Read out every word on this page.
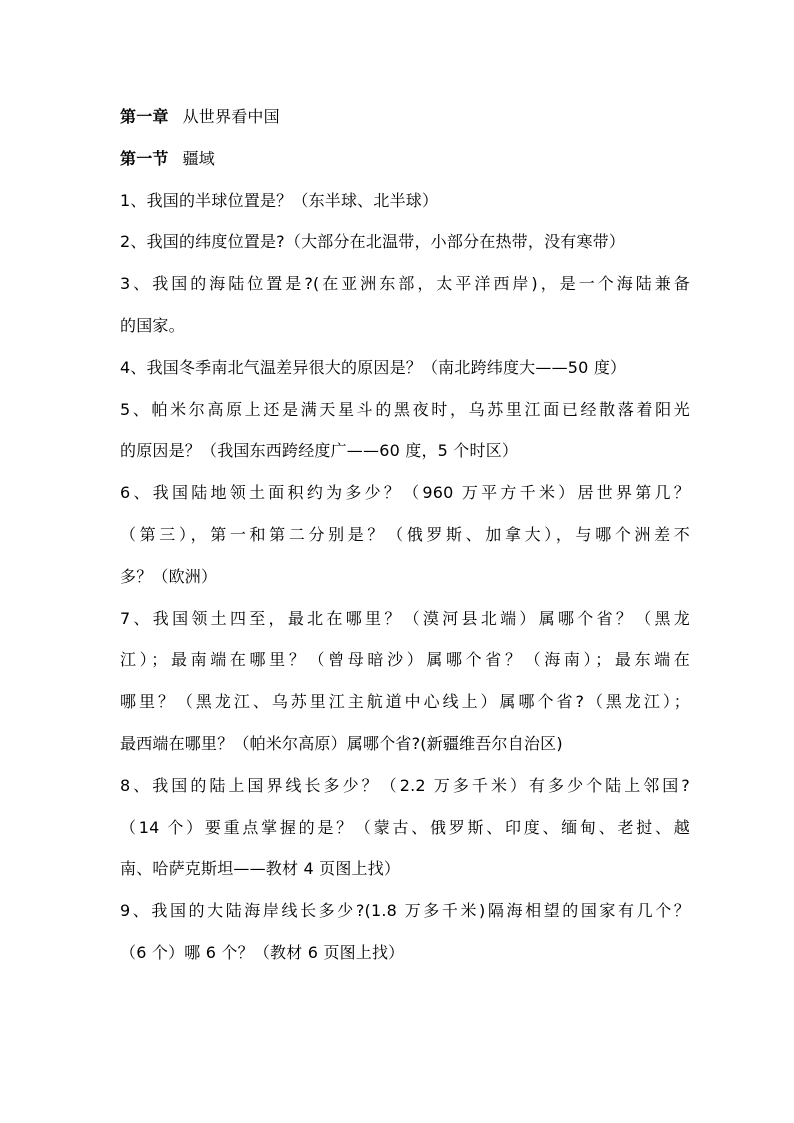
第一章 从世界看中国
第一节 疆域
1、我国的半球位置是？（东半球、北半球）
2、我国的纬度位置是?（大部分在北温带，小部分在热带，没有寒带）
3、我国的海陆位置是?(在亚洲东部，太平洋西岸)，是一个海陆兼备
的国家。
4、我国冬季南北气温差异很大的原因是？（南北跨纬度大——50 度）
5、帕米尔高原上还是满天星斗的黑夜时，乌苏里江面已经散落着阳光
的原因是？（我国东西跨经度广——60 度，5 个时区）
6、我国陆地领土面积约为多少？（960 万平方千米）居世界第几？
（第三），第一和第二分别是？（俄罗斯、加拿大），与哪个洲差不
多？（欧洲）
7、我国领土四至，最北在哪里？（漠河县北端）属哪个省？（黑龙
江）；最南端在哪里？（曾母暗沙）属哪个省？（海南）；最东端在
哪里？（黑龙江、乌苏里江主航道中心线上）属哪个省?（黑龙江）；
最西端在哪里？（帕米尔高原）属哪个省?(新疆维吾尔自治区)
8、我国的陆上国界线长多少？（2.2 万多千米）有多少个陆上邻国?
（14 个）要重点掌握的是？（蒙古、俄罗斯、印度、缅甸、老挝、越
南、哈萨克斯坦——教材 4 页图上找）
9、我国的大陆海岸线长多少?(1.8 万多千米)隔海相望的国家有几个？
（6 个）哪 6 个？（教材 6 页图上找）
